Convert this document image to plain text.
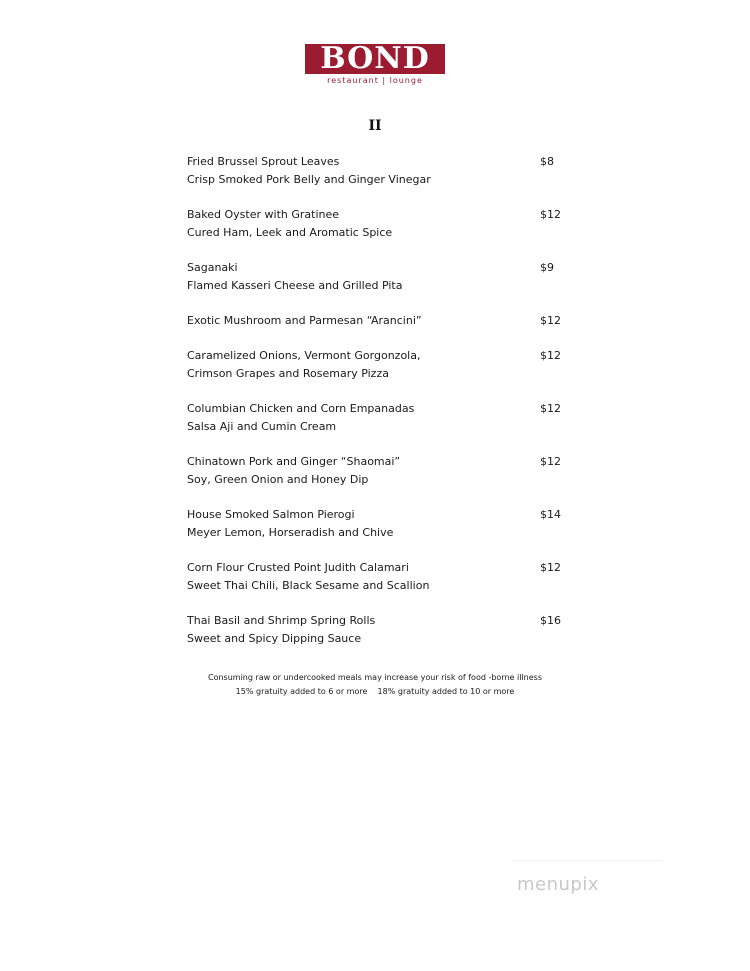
BOND
restaurant | lounge
II
Fried Brussel Sprout Leaves
Crisp Smoked Pork Belly and Ginger Vinegar
$8
Baked Oyster with Gratinee
Cured Ham, Leek and Aromatic Spice
$12
Saganaki
Flamed Kasseri Cheese and Grilled Pita
$9
Exotic Mushroom and Parmesan “Arancini”	$12
Caramelized Onions, Vermont Gorgonzola,
Crimson Grapes and Rosemary Pizza
$12
Columbian Chicken and Corn Empanadas
Salsa Aji and Cumin Cream
$12
Chinatown Pork and Ginger “Shaomai”
Soy, Green Onion and Honey Dip
$12
House Smoked Salmon Pierogi
Meyer Lemon, Horseradish and Chive
$14
Corn Flour Crusted Point Judith Calamari
Sweet Thai Chili, Black Sesame and Scallion
$12
Thai Basil and Shrimp Spring Rolls
Sweet and Spicy Dipping Sauce
$16
Consuming raw or undercooked meals may increase your risk of food -borne illness
15% gratuity added to 6 or more    18% gratuity added to 10 or more
menupix
